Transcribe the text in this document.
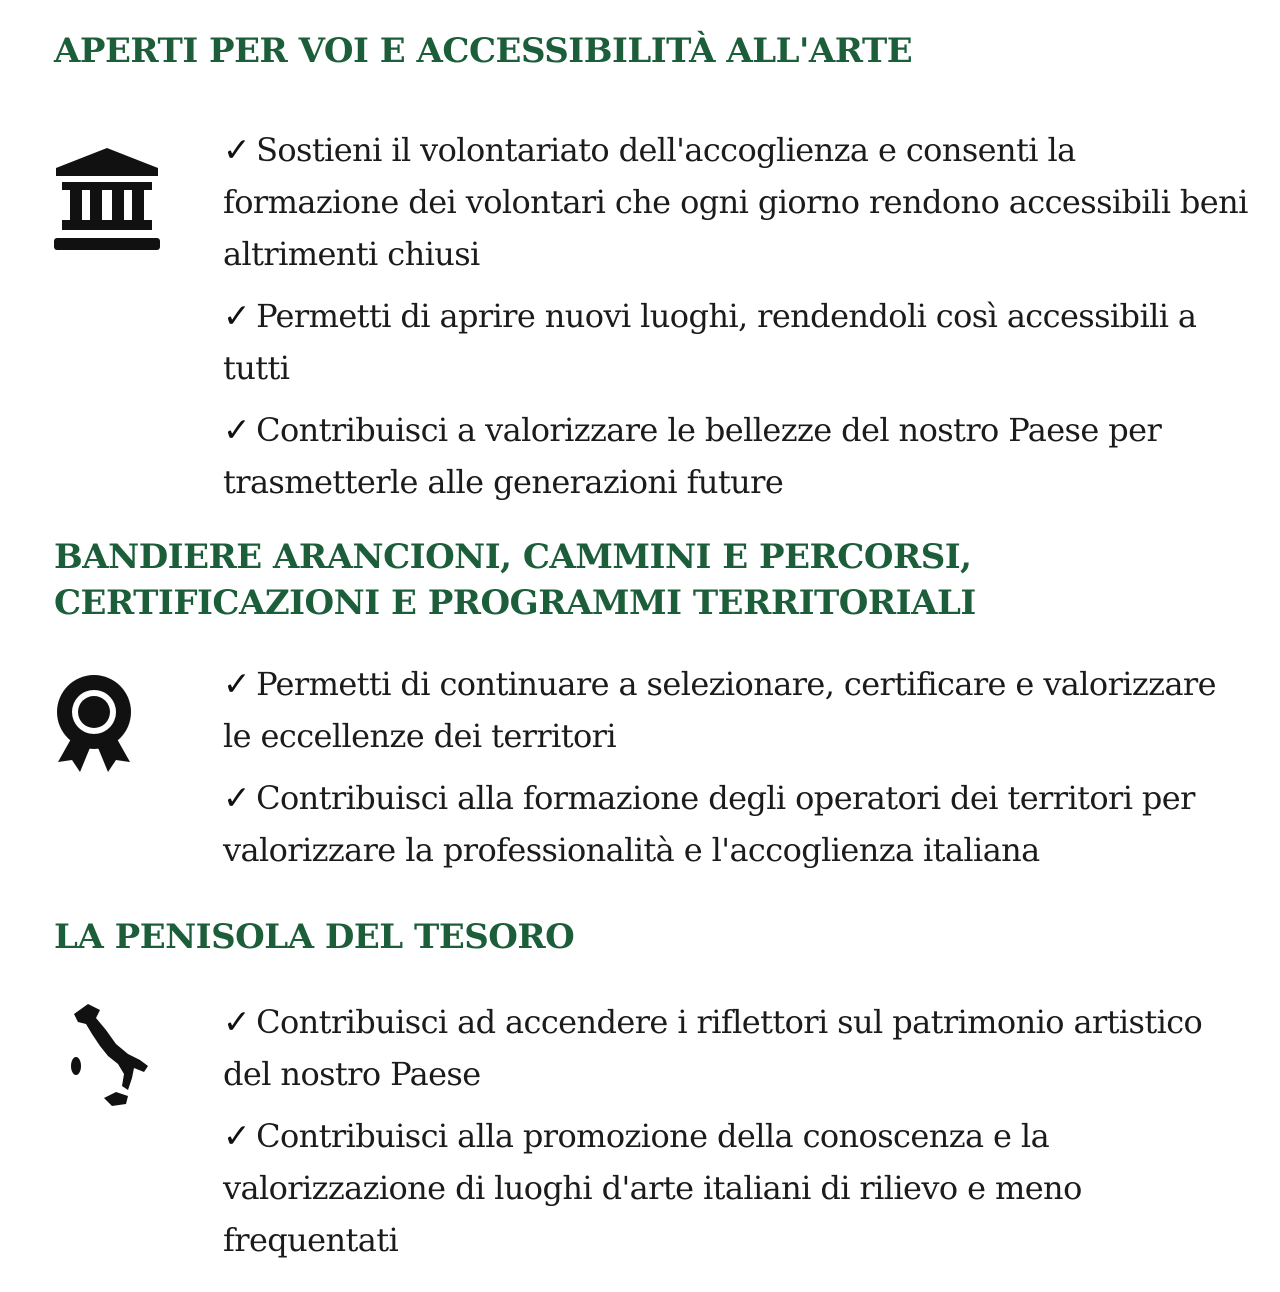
APERTI PER VOI E ACCESSIBILITÀ ALL'ARTE
✓ Sostieni il volontariato dell'accoglienza e consenti la formazione dei volontari che ogni giorno rendono accessibili beni altrimenti chiusi
✓ Permetti di aprire nuovi luoghi, rendendoli così accessibili a tutti
✓ Contribuisci a valorizzare le bellezze del nostro Paese per trasmetterle alle generazioni future
BANDIERE ARANCIONI, CAMMINI E PERCORSI,
CERTIFICAZIONI E PROGRAMMI TERRITORIALI
✓ Permetti di continuare a selezionare, certificare e valorizzare le eccellenze dei territori
✓ Contribuisci alla formazione degli operatori dei territori per valorizzare la professionalità e l'accoglienza italiana
LA PENISOLA DEL TESORO
✓ Contribuisci ad accendere i riflettori sul patrimonio artistico del nostro Paese
✓ Contribuisci alla promozione della conoscenza e la valorizzazione di luoghi d'arte italiani di rilievo e meno frequentati
